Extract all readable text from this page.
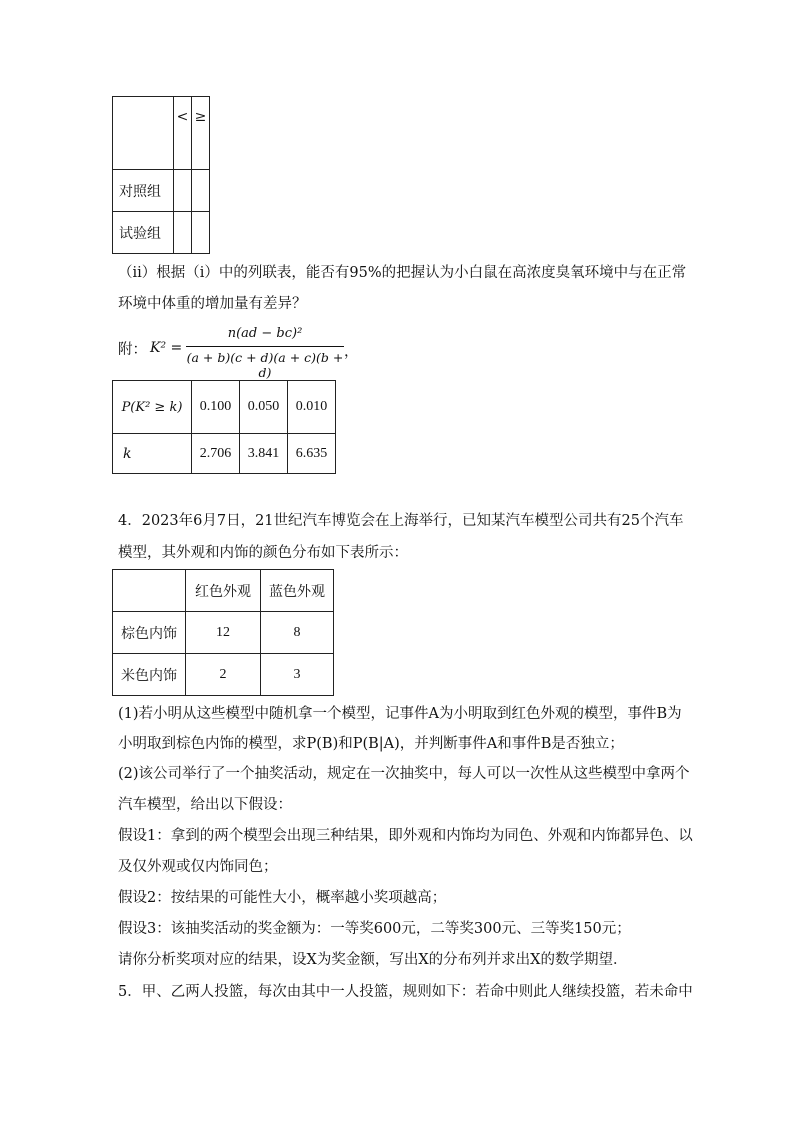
	<	≥
对照组		
试验组		
（ⅱ）根据（i）中的列联表，能否有95%的把握认为小白鼠在高浓度臭氧环境中与在正常
环境中体重的增加量有差异？
附： K² =
n(ad − bc)²
(a + b)(c + d)(a + c)(b + d)
，
P(K² ≥ k)	0.100	0.050	0.010
k	2.706	3.841	6.635
4．2023年6月7日，21世纪汽车博览会在上海举行，已知某汽车模型公司共有25个汽车
模型，其外观和内饰的颜色分布如下表所示：
	红色外观	蓝色外观
棕色内饰	12	8
米色内饰	2	3
(1)若小明从这些模型中随机拿一个模型，记事件A为小明取到红色外观的模型，事件B为
小明取到棕色内饰的模型，求P(B)和P(B|A)，并判断事件A和事件B是否独立；
(2)该公司举行了一个抽奖活动，规定在一次抽奖中，每人可以一次性从这些模型中拿两个
汽车模型，给出以下假设：
假设1：拿到的两个模型会出现三种结果，即外观和内饰均为同色、外观和内饰都异色、以
及仅外观或仅内饰同色；
假设2：按结果的可能性大小，概率越小奖项越高；
假设3：该抽奖活动的奖金额为：一等奖600元，二等奖300元、三等奖150元；
请你分析奖项对应的结果，设X为奖金额，写出X的分布列并求出X的数学期望．
5．甲、乙两人投篮，每次由其中一人投篮，规则如下：若命中则此人继续投篮，若未命中
